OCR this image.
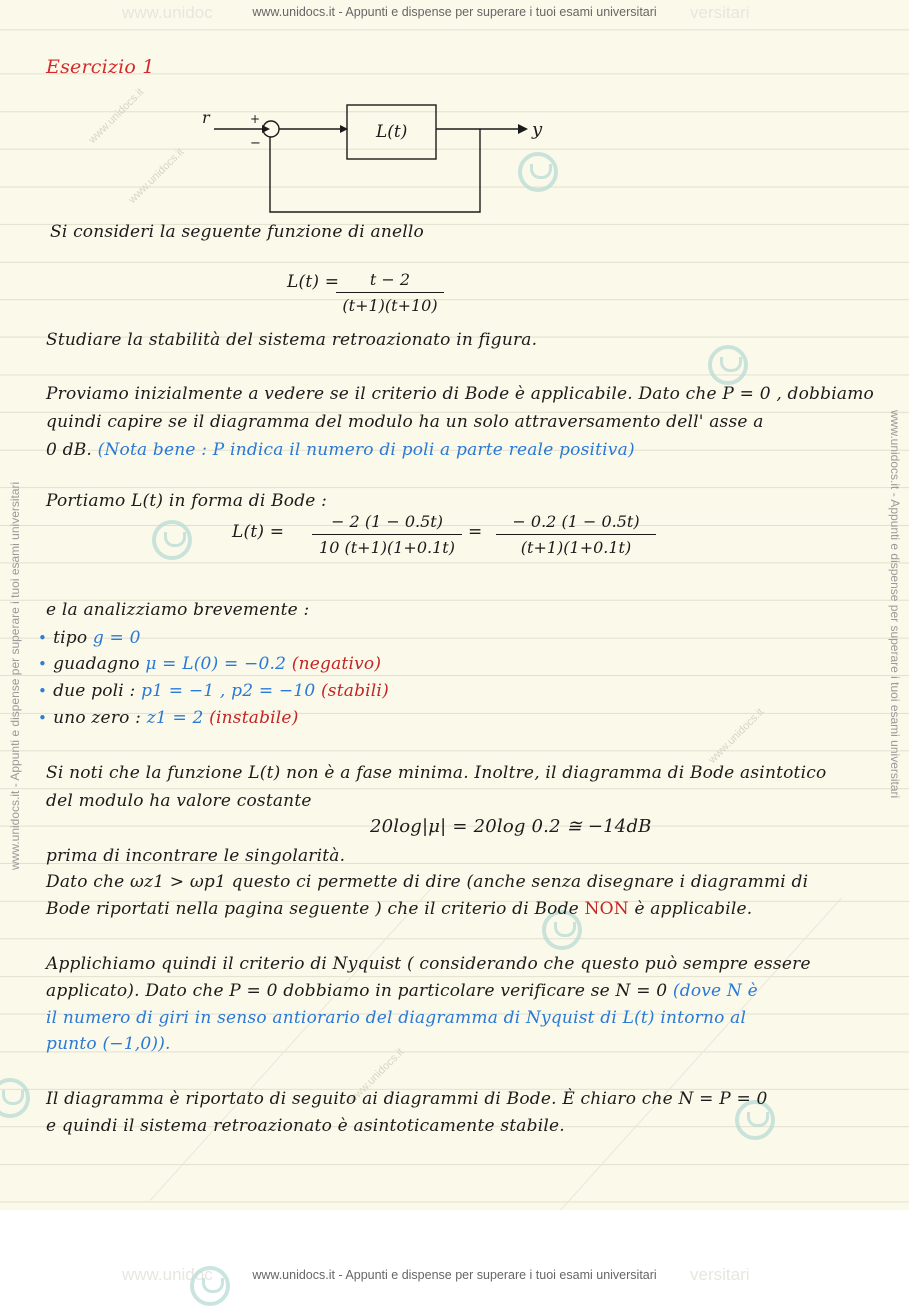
www.unidocs.it
www.unidocs.it
www.unidocs.it
www.unidocs.it
www.unidocs.it - Appunti e dispense per superare i tuoi esami universitari	www.unidocs.it - Appunti e dispense per superare i tuoi esami universitari
www.unidoc	www.unidocs.it - Appunti e dispense per superare i tuoi esami universitari versitari
Esercizio 1
r	+
−
L(t)	y
Si consideri la seguente funzione di anello
L(t) =
$\frac{t - 2}{(t+1)(t+10)}$
Studiare la stabilità del sistema retroazionato in figura.
Proviamo inizialmente a vedere se il criterio di Bode è applicabile. Dato che P = 0 , dobbiamo
quindi capire se il diagramma del modulo ha un solo attraversamento dell' asse a
0 dB. (Nota bene : P indica il numero di poli a parte reale positiva)
Portiamo L(t) in forma di Bode :
$L(t) = \frac{- 2 (1 - 0.5t)}{10 (t+1)(1+0.1t)} = \frac{- 0.2 (1 - 0.5t)}{(t+1)(1+0.1t)}$
e la analizziamo brevemente :
• tipo g = 0
• guadagno μ = L(0) = −0.2 (negativo)
• due poli : p1 = −1 , p2 = −10 (stabili)
• uno zero : z1 = 2 (instabile)
Si noti che la funzione L(t) non è a fase minima. Inoltre, il diagramma di Bode asintotico
del modulo ha valore costante
20log|μ| = 20log 0.2 ≅ −14dB
prima di incontrare le singolarità.
Dato che ωz1 > ωp1 questo ci permette di dire (anche senza disegnare i diagrammi di
Bode riportati nella pagina seguente ) che il criterio di Bode NON è applicabile.
Applichiamo quindi il criterio di Nyquist ( considerando che questo può sempre essere
applicato). Dato che P = 0 dobbiamo in particolare verificare se N = 0 (dove N è
il numero di giri in senso antiorario del diagramma di Nyquist di L(t) intorno al
punto (−1,0)).
Il diagramma è riportato di seguito ai diagrammi di Bode. È chiaro che N = P = 0
e quindi il sistema retroazionato è asintoticamente stabile.
www.unidoc	www.unidocs.it - Appunti e dispense per superare i tuoi esami universitari versitari
